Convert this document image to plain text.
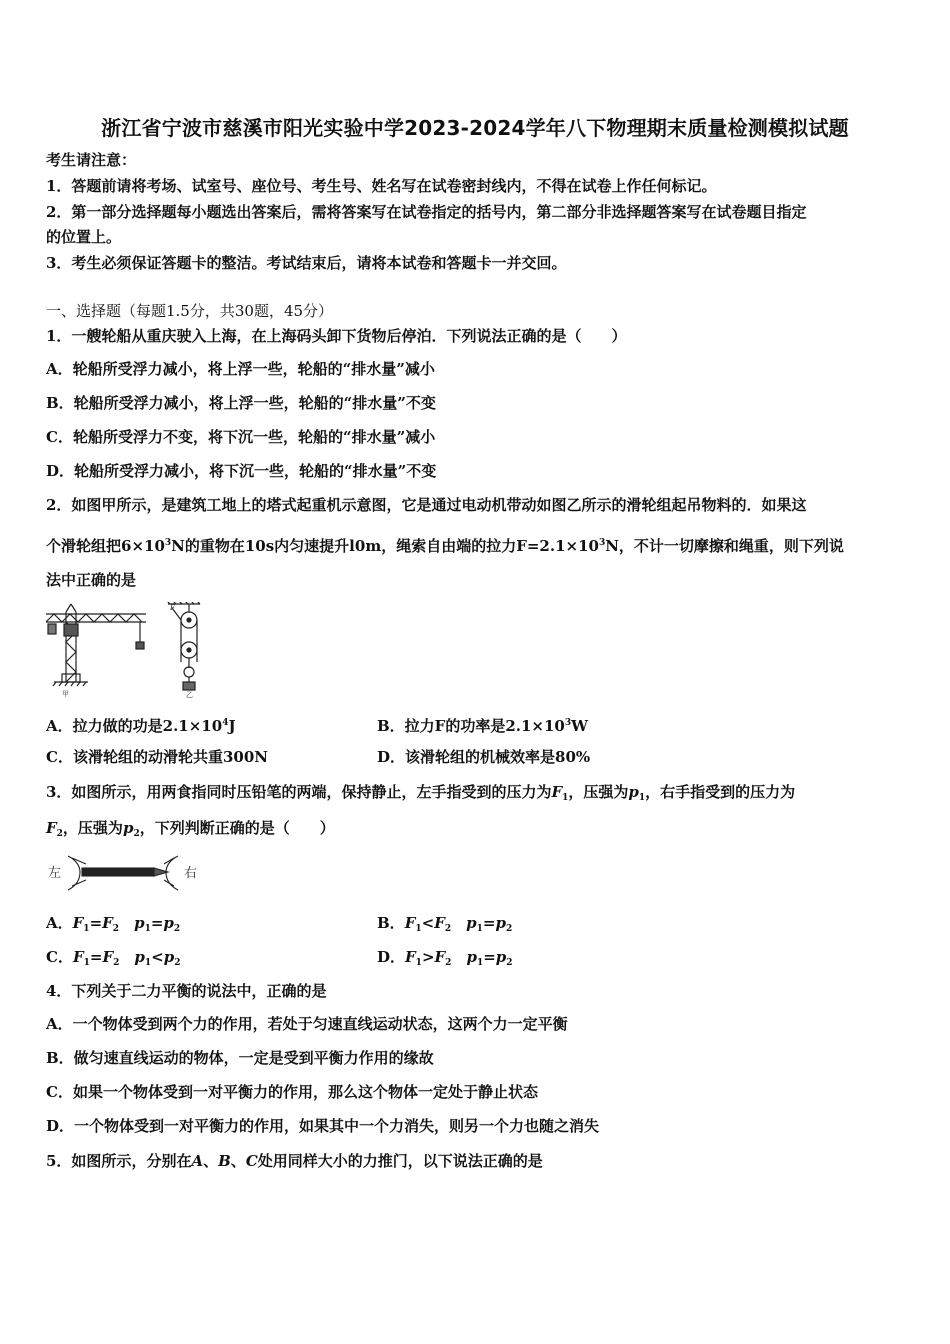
浙江省宁波市慈溪市阳光实验中学2023-2024学年八下物理期末质量检测模拟试题
考生请注意：
1．答题前请将考场、试室号、座位号、考生号、姓名写在试卷密封线内，不得在试卷上作任何标记。
2．第一部分选择题每小题选出答案后，需将答案写在试卷指定的括号内，第二部分非选择题答案写在试卷题目指定
的位置上。
3．考生必须保证答题卡的整洁。考试结束后，请将本试卷和答题卡一并交回。
一、选择题（每题1.5分，共30题，45分）
1．一艘轮船从重庆驶入上海，在上海码头卸下货物后停泊．下列说法正确的是（　　）
A．轮船所受浮力减小，将上浮一些，轮船的“排水量”减小
B．轮船所受浮力减小，将上浮一些，轮船的“排水量”不变
C．轮船所受浮力不变，将下沉一些，轮船的“排水量”减小
D．轮船所受浮力减小，将下沉一些，轮船的“排水量”不变
2．如图甲所示，是建筑工地上的塔式起重机示意图，它是通过电动机带动如图乙所示的滑轮组起吊物料的．如果这
个滑轮组把$6\times 10^3N$的重物在10s内匀速提升l0m，绳索自由端的拉力$F=2.1\times 10^3N$，不计一切摩擦和绳重，则下列说
法中正确的是
甲
F
乙
A．拉力做的功是$2.1\times 10^4J$	B．拉力F的功率是$2.1\times 10^3W$
C．该滑轮组的动滑轮共重300N	D．该滑轮组的机械效率是80%
3．如图所示，用两食指同时压铅笔的两端，保持静止，左手指受到的压力为$F_1$，压强为$p_1$，右手指受到的压力为
$F_2$，压强为$p_2$，下列判断正确的是（　　）
左	右
A．$F_1=F_2$  $p_1=p_2$	B．$F_1<F_2$  $p_1=p_2$
C．$F_1=F_2$  $p_1<p_2$	D．$F_1>F_2$  $p_1=p_2$
4．下列关于二力平衡的说法中，正确的是
A．一个物体受到两个力的作用，若处于匀速直线运动状态，这两个力一定平衡
B．做匀速直线运动的物体，一定是受到平衡力作用的缘故
C．如果一个物体受到一对平衡力的作用，那么这个物体一定处于静止状态
D．一个物体受到一对平衡力的作用，如果其中一个力消失，则另一个力也随之消失
5．如图所示，分别在A、B、C处用同样大小的力推门，以下说法正确的是
